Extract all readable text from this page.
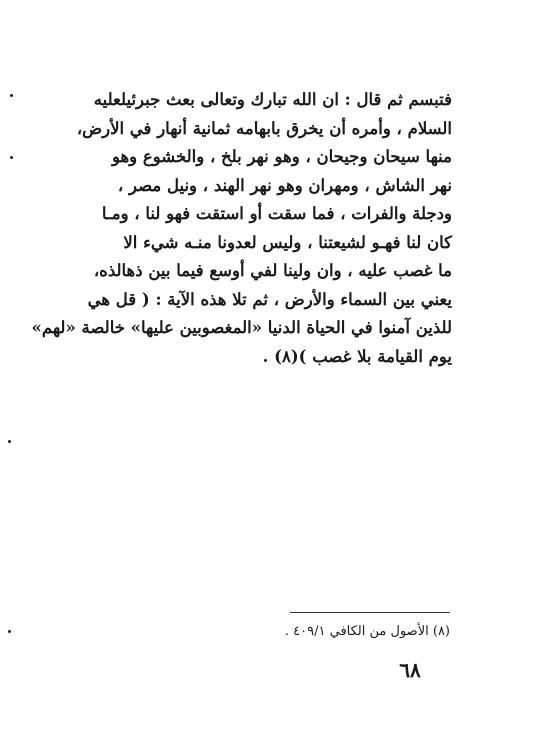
فتبسم ثم قال : ان الله تبارك وتعالى بعث جبرئيلعليه
السلام ، وأمره أن يخرق بابهامه ثمانية أنهار في الأرض،
منها سيحان وجيحان ، وهو نهر بلخ ، والخشوع وهو
نهر الشاش ، ومهران وهو نهر الهند ، ونيل مصر ،
ودجلة والفرات ، فما سقت أو استقت فهو لنا ، ومـا
كان لنا فهـو لشيعتنا ، وليس لعدونا منـه شيء الا
ما غصب عليه ، وان ولينا لفي أوسع فيما بين ذهالذه،
يعني بين السماء والأرض ، ثم تلا هذه الآية : ( قل هي
للذين آمنوا في الحياة الدنيا «المغصوبين عليها» خالصة «لهم»
يوم القيامة بلا غصب )(٨) .
(٨) الأصول من الكافي ٤٠٩/١ .
٦٨
